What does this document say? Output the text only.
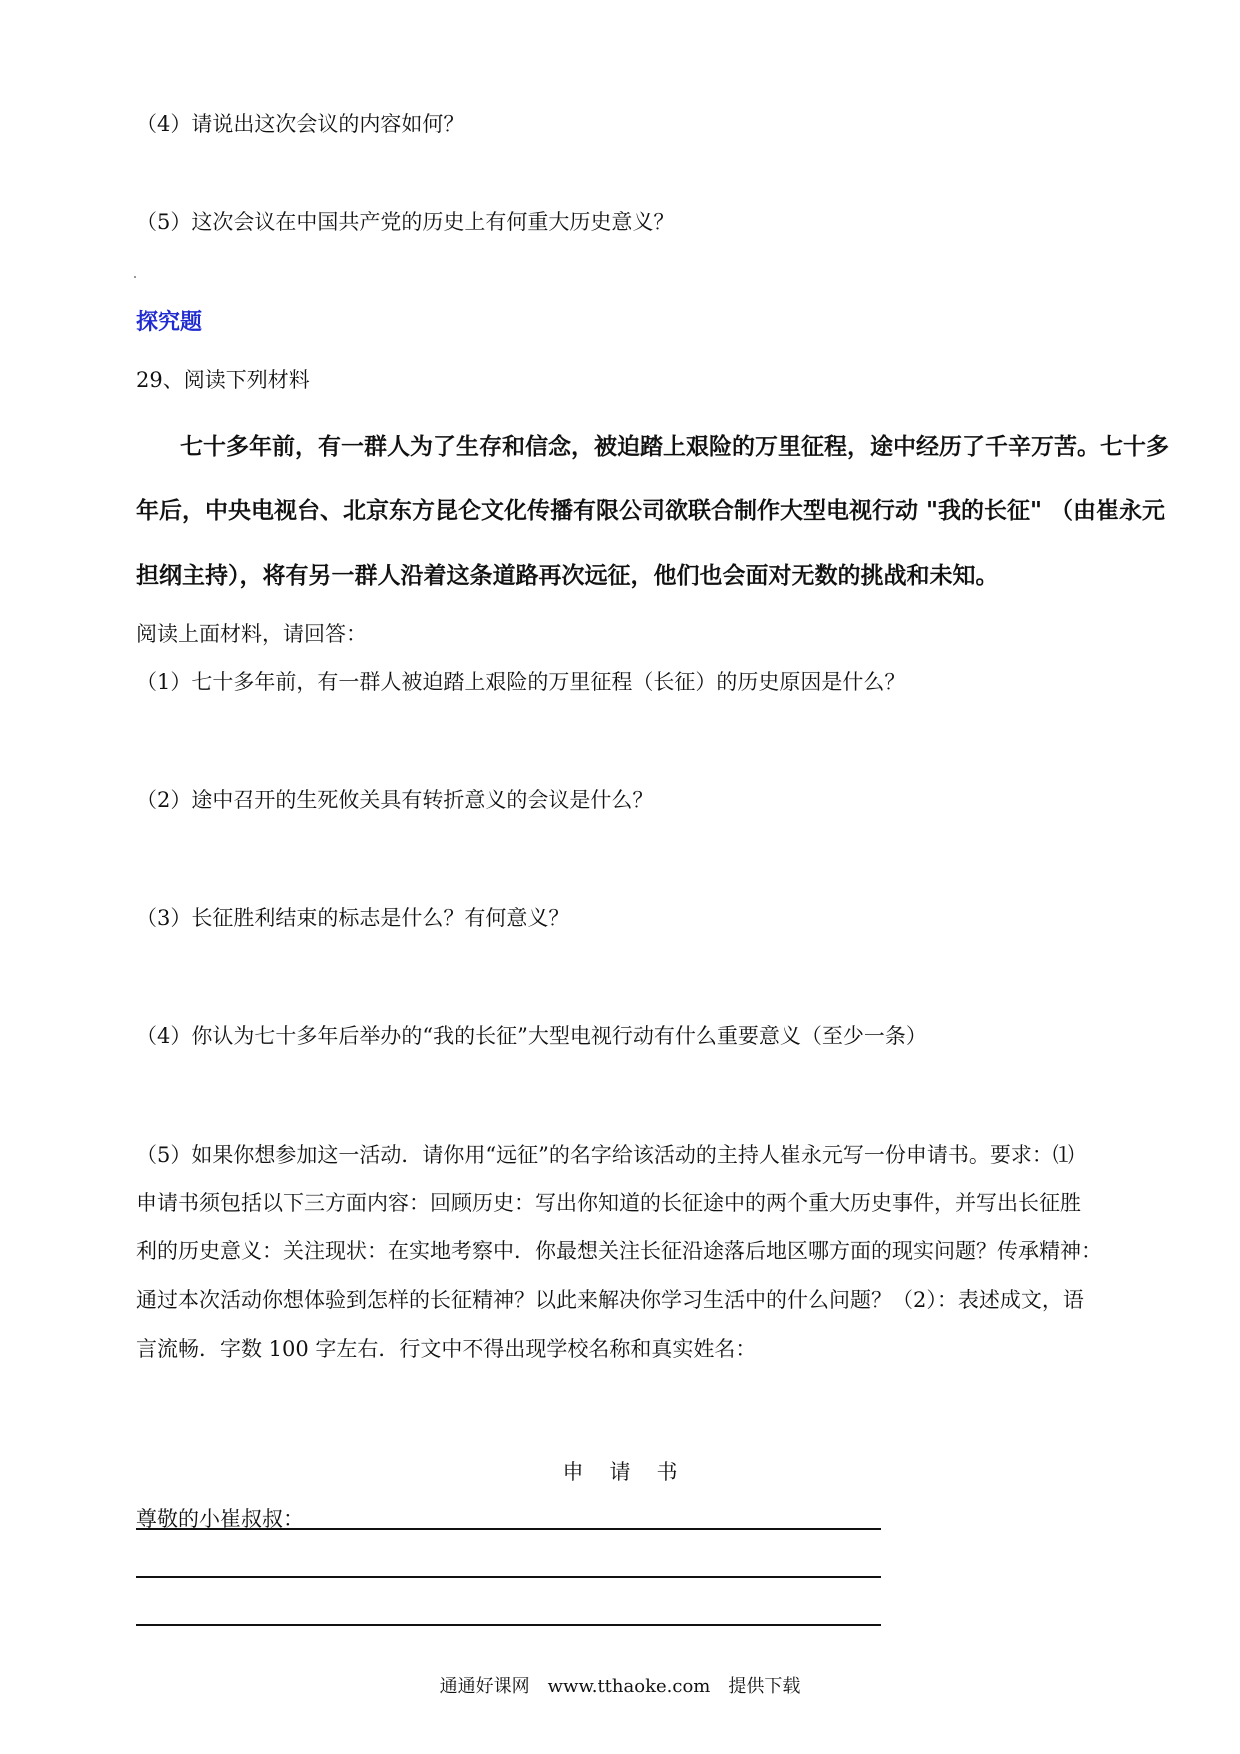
（4）请说出这次会议的内容如何？
（5）这次会议在中国共产党的历史上有何重大历史意义？
探究题
29、阅读下列材料
七十多年前，有一群人为了生存和信念，被迫踏上艰险的万里征程，途中经历了千辛万苦。七十多
年后，中央电视台、北京东方昆仑文化传播有限公司欲联合制作大型电视行动 "我的长征" （由崔永元
担纲主持），将有另一群人沿着这条道路再次远征，他们也会面对无数的挑战和未知。
阅读上面材料，请回答：
（1）七十多年前，有一群人被迫踏上艰险的万里征程（长征）的历史原因是什么？
（2）途中召开的生死攸关具有转折意义的会议是什么？
（3）长征胜利结束的标志是什么？有何意义？
（4）你认为七十多年后举办的“我的长征”大型电视行动有什么重要意义（至少一条）
（5）如果你想参加这一活动．请你用“远征”的名字给该活动的主持人崔永元写一份申请书。要求：⑴
申请书须包括以下三方面内容：回顾历史：写出你知道的长征途中的两个重大历史事件，并写出长征胜
利的历史意义：关注现状：在实地考察中．你最想关注长征沿途落后地区哪方面的现实问题？传承精神：
通过本次活动你想体验到怎样的长征精神？以此来解决你学习生活中的什么问题？（2）：表述成文，语
言流畅．字数 100 字左右．行文中不得出现学校名称和真实姓名：
申请书
尊敬的小崔叔叔：
通通好课网　www.tthaoke.com　提供下载
